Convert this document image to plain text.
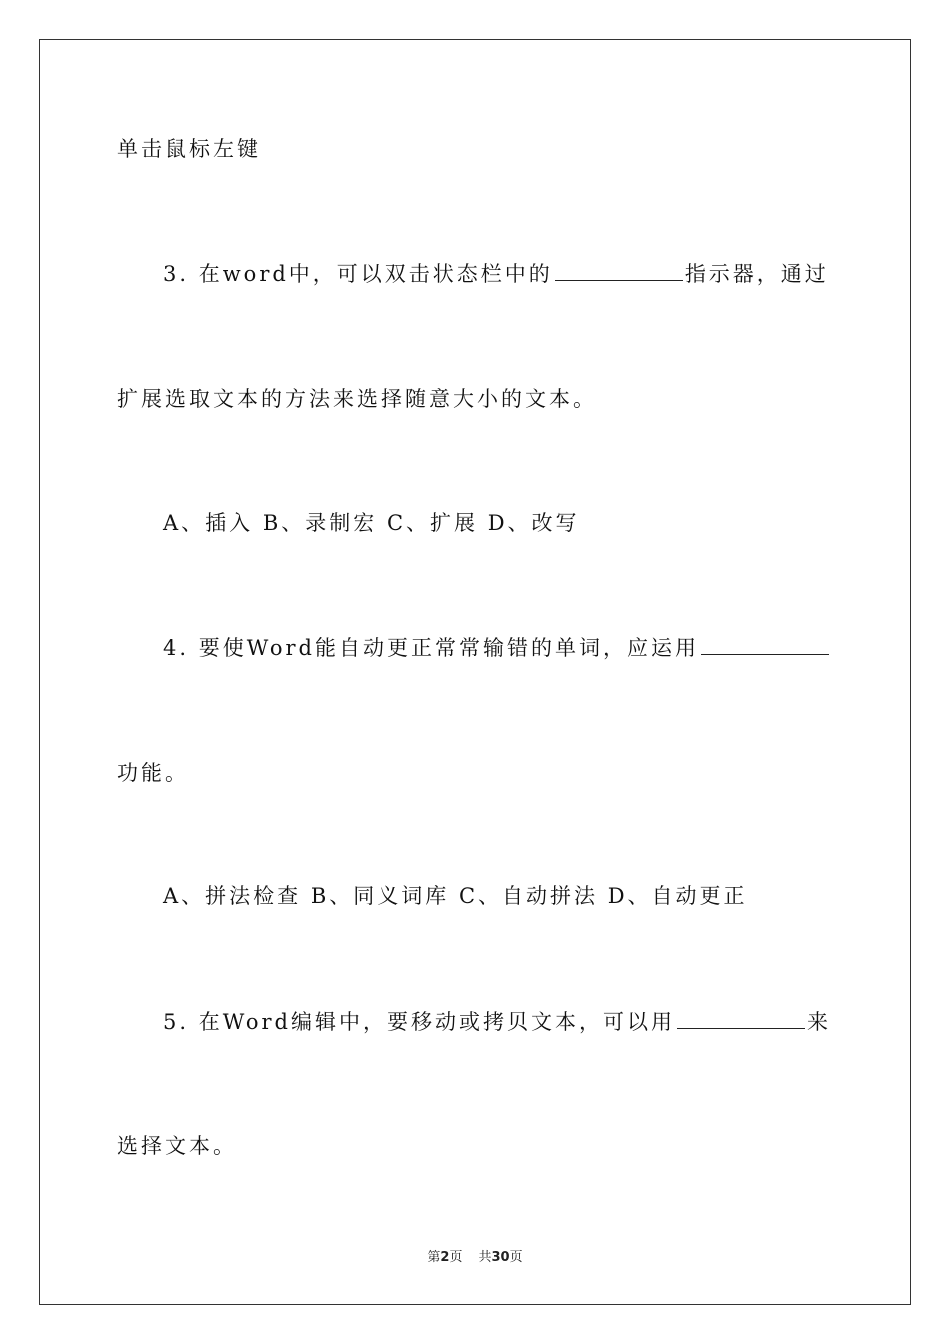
单击鼠标左键
3. 在word中，可以双击状态栏中的	指示器，通过
扩展选取文本的方法来选择随意大小的文本。
A、插入 B、录制宏 C、扩展 D、改写
4. 要使Word能自动更正常常输错的单词，应运用
功能。
A、拼法检查 B、同义词库 C、自动拼法 D、自动更正
5. 在Word编辑中，要移动或拷贝文本，可以用	来
选择文本。
第2页 共30页
